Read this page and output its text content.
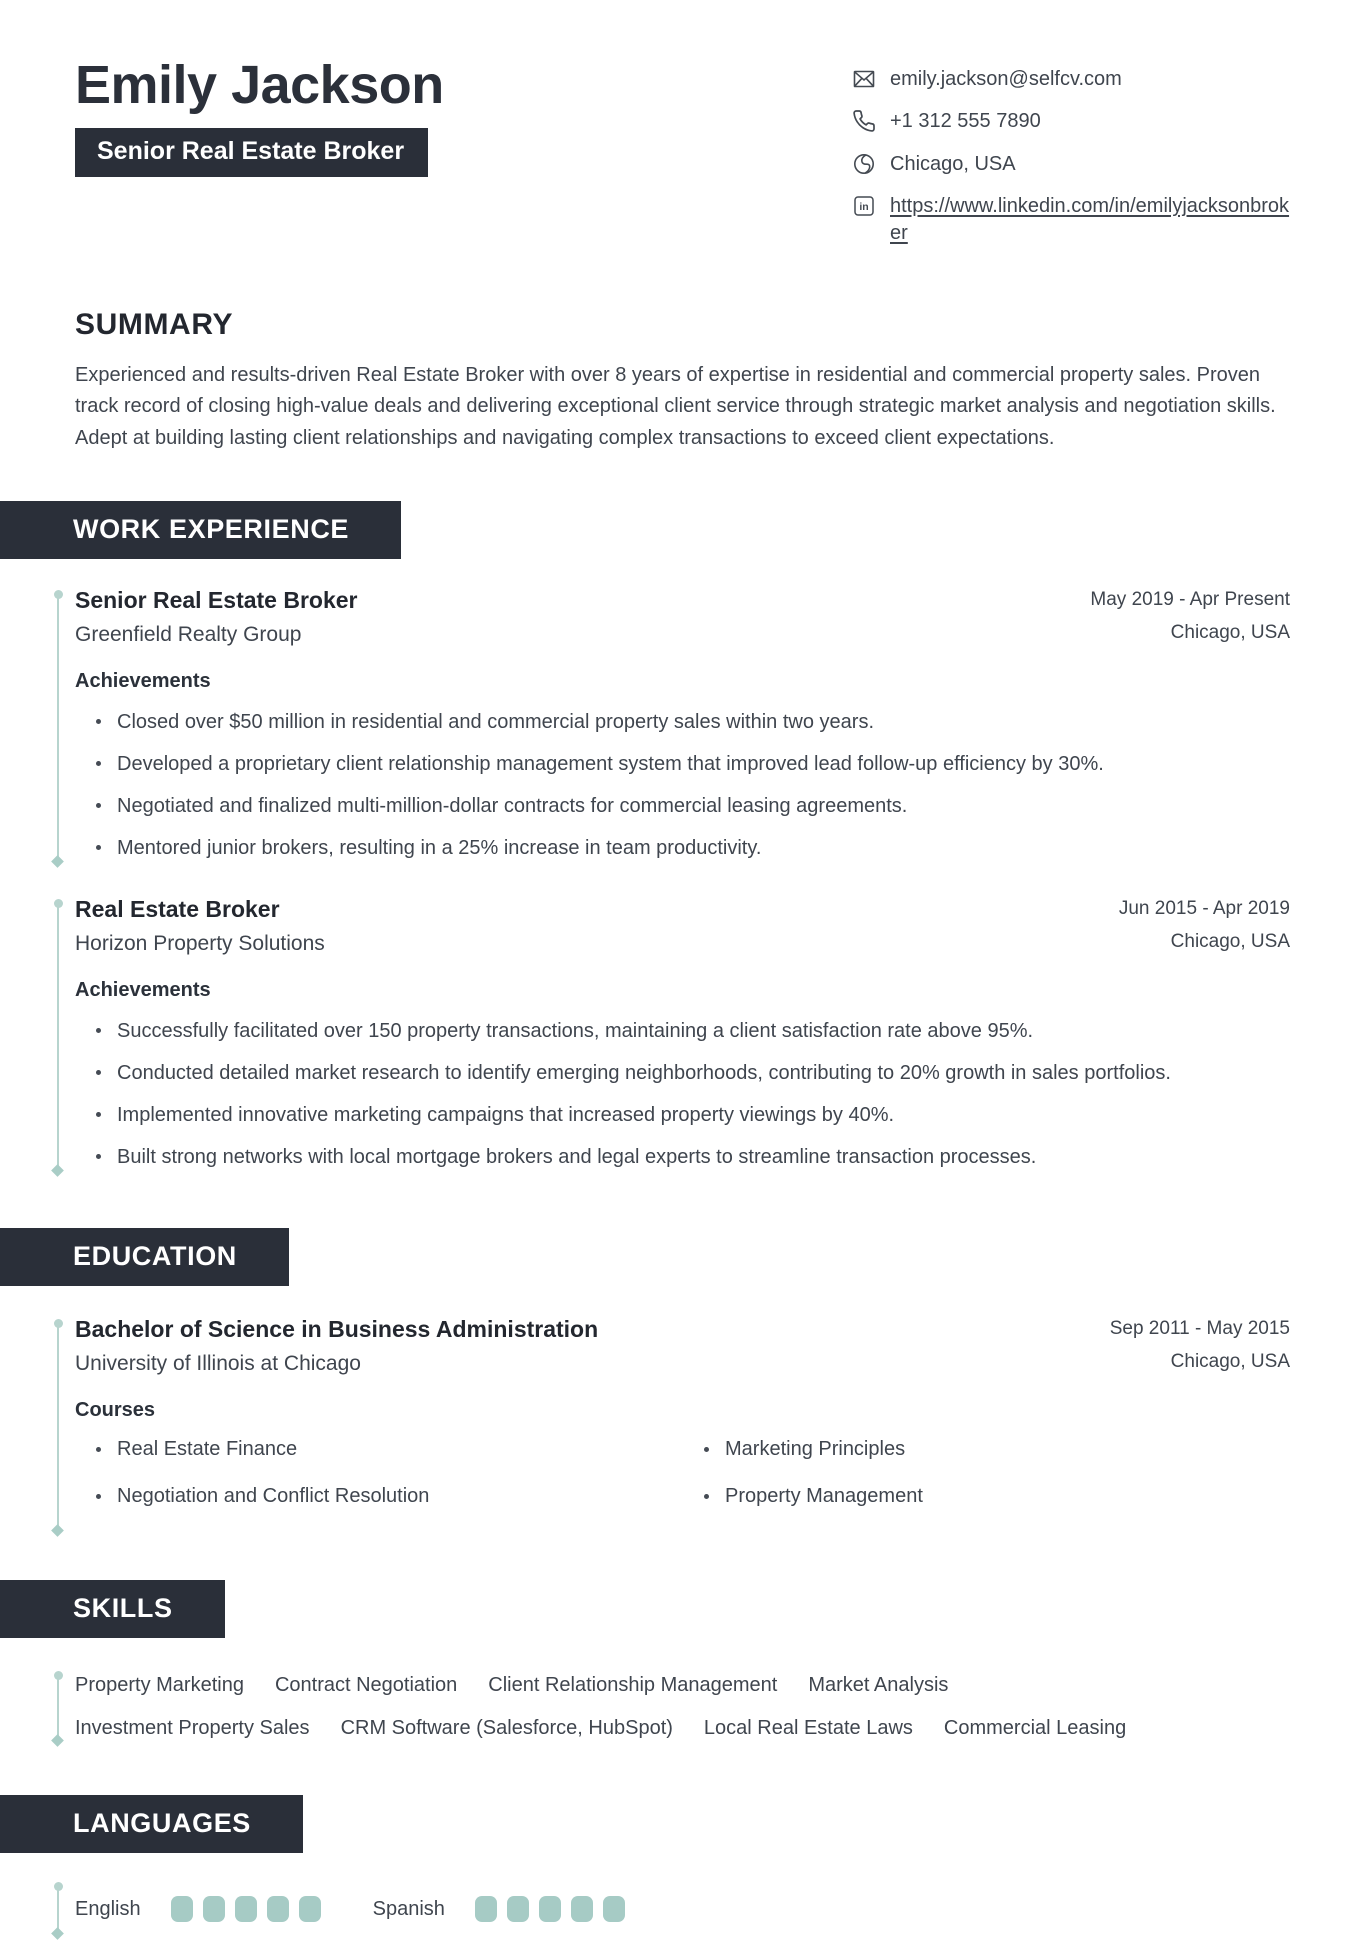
Emily Jackson
Senior Real Estate Broker
emily.jackson@selfcv.com
+1 312 555 7890
Chicago, USA
in https://www.linkedin.com/in/emilyjacksonbroker
SUMMARY

Experienced and results-driven Real Estate Broker with over 8 years of expertise in residential and commercial property sales. Proven track record of closing high-value deals and delivering exceptional client service through strategic market analysis and negotiation skills. Adept at building lasting client relationships and navigating complex transactions to exceed client expectations.

WORK EXPERIENCE
Senior Real Estate Broker
Greenfield Realty Group
May 2019 - Apr Present
Chicago, USA
Achievements
Closed over $50 million in residential and commercial property sales within two years.
Developed a proprietary client relationship management system that improved lead follow-up efficiency by 30%.
Negotiated and finalized multi-million-dollar contracts for commercial leasing agreements.
Mentored junior brokers, resulting in a 25% increase in team productivity.
Real Estate Broker
Horizon Property Solutions
Jun 2015 - Apr 2019
Chicago, USA
Achievements
Successfully facilitated over 150 property transactions, maintaining a client satisfaction rate above 95%.
Conducted detailed market research to identify emerging neighborhoods, contributing to 20% growth in sales portfolios.
Implemented innovative marketing campaigns that increased property viewings by 40%.
Built strong networks with local mortgage brokers and legal experts to streamline transaction processes.
EDUCATION
Bachelor of Science in Business Administration
University of Illinois at Chicago
Sep 2011 - May 2015
Chicago, USA
Courses
Real Estate Finance
Negotiation and Conflict Resolution
Marketing Principles
Property Management
SKILLS
Property Marketing Contract Negotiation Client Relationship Management Market Analysis
Investment Property Sales CRM Software (Salesforce, HubSpot) Local Real Estate Laws Commercial Leasing
LANGUAGES
English	Spanish
